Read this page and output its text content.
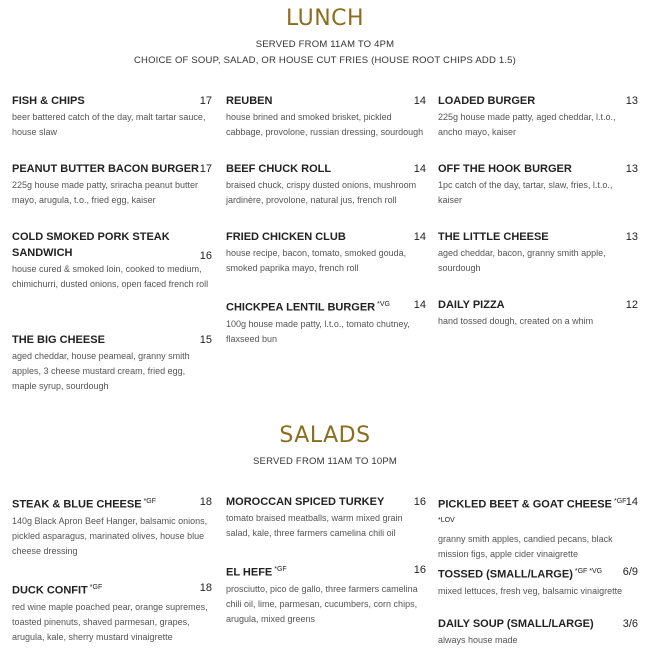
LUNCH
SERVED FROM 11AM TO 4PM
CHOICE OF SOUP, SALAD, OR HOUSE CUT FRIES (HOUSE ROOT CHIPS ADD 1.5)
FISH & CHIPS	17
beer battered catch of the day, malt tartar sauce, house slaw
PEANUT BUTTER BACON BURGER 17
225g house made patty, sriracha peanut butter mayo, arugula, t.o., fried egg, kaiser
COLD SMOKED PORK STEAK SANDWICH	16
house cured & smoked loin, cooked to medium, chimichurri, dusted onions, open faced french roll
THE BIG CHEESE	15
aged cheddar, house peameal, granny smith apples, 3 cheese mustard cream, fried egg, maple syrup, sourdough
REUBEN	14
house brined and smoked brisket, pickled cabbage, provolone, russian dressing, sourdough
BEEF CHUCK ROLL	14
braised chuck, crispy dusted onions, mushroom jardinère, provolone, natural jus, french roll
FRIED CHICKEN CLUB	14
house recipe, bacon, tomato, smoked gouda, smoked paprika mayo, french roll
CHICKPEA LENTIL BURGER $^{*VG}$	14
100g house made patty, l.t.o., tomato chutney, flaxseed bun
LOADED BURGER	13
225g house made patty, aged cheddar, l.t.o., ancho mayo, kaiser
OFF THE HOOK BURGER	13
1pc catch of the day, tartar, slaw, fries, l.t.o., kaiser
THE LITTLE CHEESE	13
aged cheddar, bacon, granny smith apple, sourdough
DAILY PIZZA	12
hand tossed dough, created on a whim
SALADS
SERVED FROM 11AM TO 10PM
STEAK & BLUE CHEESE $^{*GF}$	18
140g Black Apron Beef Hanger, balsamic onions, pickled asparagus, marinated olives, house blue cheese dressing
DUCK CONFIT $^{*GF}$	18
red wine maple poached pear, orange supremes, toasted pinenuts, shaved parmesan, grapes, arugula, kale, sherry mustard vinaigrette
MOROCCAN SPICED TURKEY	16
tomato braised meatballs, warm mixed grain salad, kale, three farmers camelina chili oil
EL HEFE $^{*GF}$	16
prosciutto, pico de gallo, three farmers camelina chili oil, lime, parmesan, cucumbers, corn chips, arugula, mixed greens
PICKLED BEET & GOAT CHEESE $^{*GF *LOV}$
14
granny smith apples, candied pecans, black mission figs, apple cider vinaigrette
TOSSED (SMALL/LARGE) $^{*GF *VG}$	6/9
mixed lettuces, fresh veg, balsamic vinaigrette
DAILY SOUP (SMALL/LARGE)	3/6
always house made
